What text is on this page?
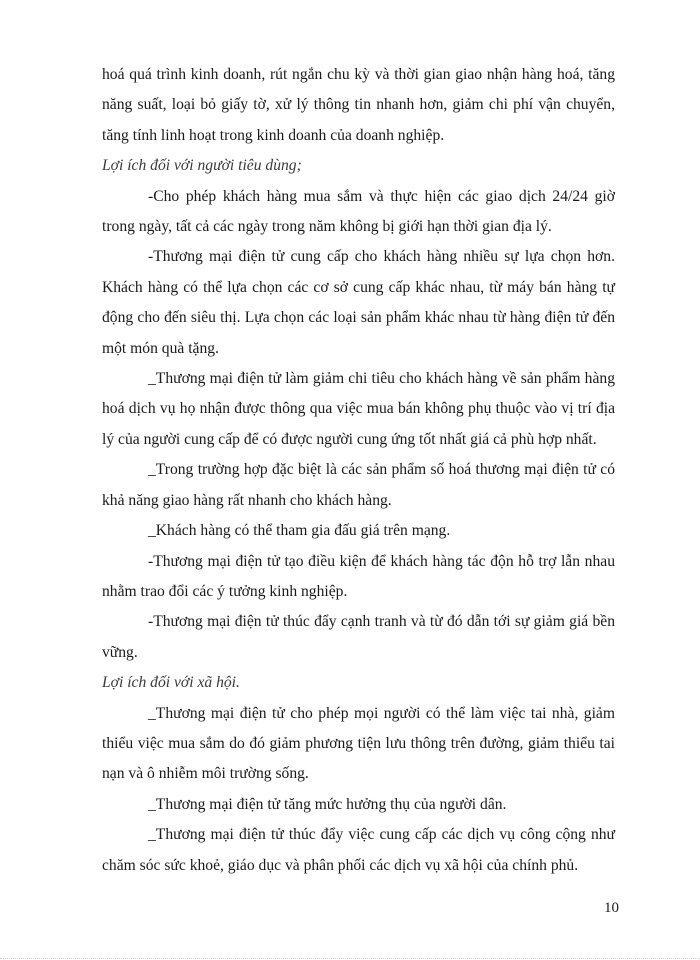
hoá quá trình kinh doanh, rút ngắn chu kỳ và thời gian giao nhận hàng hoá, tăng năng suất, loại bỏ giấy tờ, xử lý thông tin nhanh hơn, giảm chi phí vận chuyển, tăng tính linh hoạt trong kinh doanh của doanh nghiệp.

Lợi ích đối với người tiêu dùng;

-Cho phép khách hàng mua sắm và thực hiện các giao dịch 24/24 giờ trong ngày, tất cả các ngày trong năm không bị giới hạn thời gian địa lý.

-Thương mại điện tử cung cấp cho khách hàng nhiều sự lựa chọn hơn. Khách hàng có thể lựa chọn các cơ sở cung cấp khác nhau, từ máy bán hàng tự động cho đến siêu thị. Lựa chọn các loại sản phẩm khác nhau từ hàng điện tử đến một món quà tặng.

_Thương mại điện tử làm giảm chi tiêu cho khách hàng về sản phẩm hàng hoá dịch vụ họ nhận được thông qua việc mua bán không phụ thuộc vào vị trí địa lý của người cung cấp để có được người cung ứng tốt nhất giá cả phù hợp nhất.

_Trong trường hợp đặc biệt là các sản phẩm số hoá thương mại điện tử có khả năng giao hàng rất nhanh cho khách hàng.

_Khách hàng có thể tham gia đấu giá trên mạng.

-Thương mại điện tử tạo điều kiện để khách hàng tác độn hỗ trợ lẫn nhau nhằm trao đổi các ý tưởng kinh nghiệp.

-Thương mại điện tử thúc đẩy cạnh tranh và từ đó dẫn tới sự giảm giá bền vững.

Lợi ích đối với xã hội.

_Thương mại điện tử cho phép mọi người có thể làm việc tai nhà, giảm thiểu việc mua sắm do đó giảm phương tiện lưu thông trên đường, giảm thiểu tai nạn và ô nhiễm môi trường sống.

_Thương mại điện tử tăng mức hưởng thụ của người dân.

_Thương mại điện tử thúc đẩy việc cung cấp các dịch vụ công cộng như chăm sóc sức khoẻ, giáo dục và phân phối các dịch vụ xã hội của chính phủ.

10
